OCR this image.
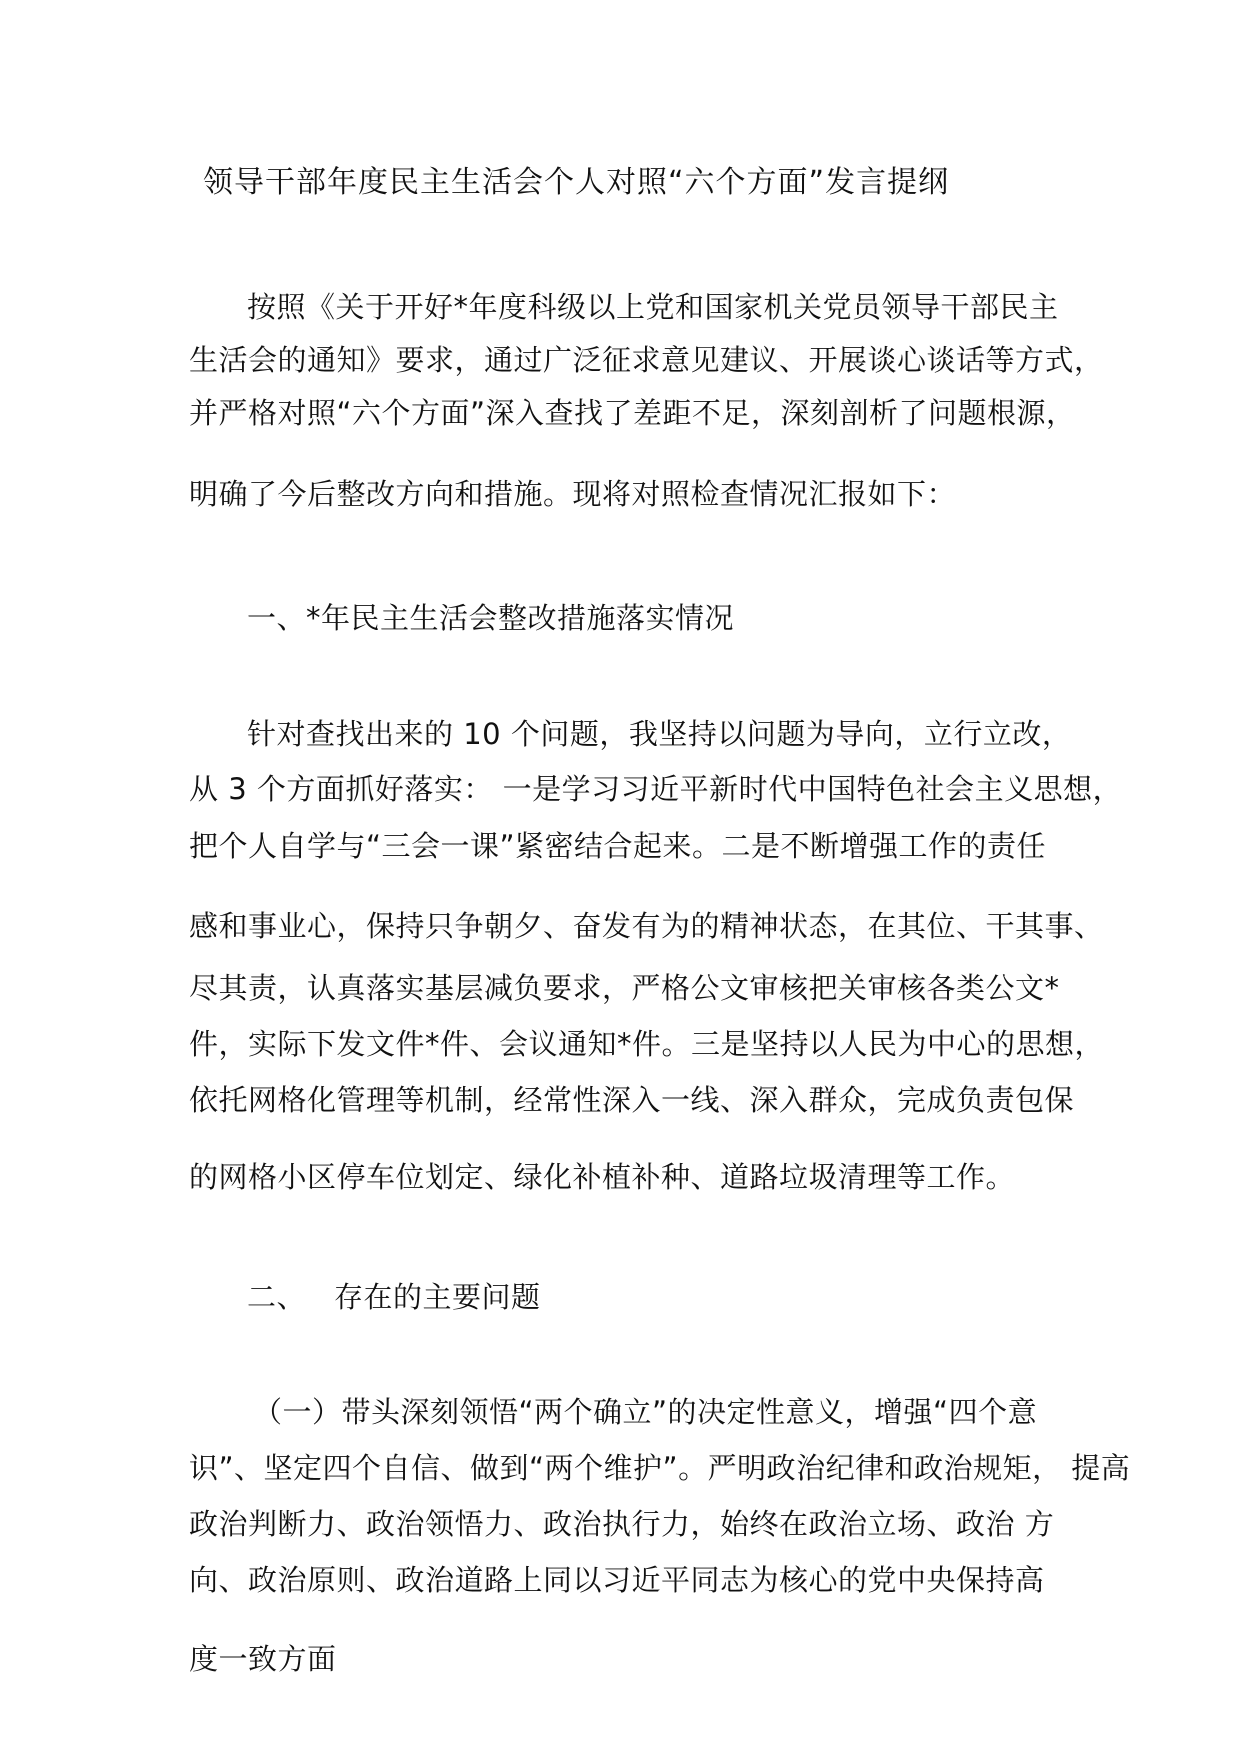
领导干部年度民主生活会个人对照“六个方面”发言提纲
按照《关于开好*年度科级以上党和国家机关党员领导干部民主
生活会的通知》要求，通过广泛征求意见建议、开展谈心谈话等方式，
并严格对照“六个方面”深入查找了差距不足，深刻剖析了问题根源，
明确了今后整改方向和措施。现将对照检查情况汇报如下：
一、*年民主生活会整改措施落实情况
针对查找出来的 10 个问题，我坚持以问题为导向，立行立改，
从 3 个方面抓好落实： 一是学习习近平新时代中国特色社会主义思想，
把个人自学与“三会一课”紧密结合起来。二是不断增强工作的责任
感和事业心，保持只争朝夕、奋发有为的精神状态，在其位、干其事、
尽其责，认真落实基层减负要求，严格公文审核把关审核各类公文*
件，实际下发文件*件、会议通知*件。三是坚持以人民为中心的思想，
依托网格化管理等机制，经常性深入一线、深入群众，完成负责包保
的网格小区停车位划定、绿化补植补种、道路垃圾清理等工作。
二、 存在的主要问题
（一）带头深刻领悟“两个确立”的决定性意义，增强“四个意
识”、坚定四个自信、做到“两个维护”。严明政治纪律和政治规矩， 提高
政治判断力、政治领悟力、政治执行力，始终在政治立场、政治 方
向、政治原则、政治道路上同以习近平同志为核心的党中央保持高
度一致方面
